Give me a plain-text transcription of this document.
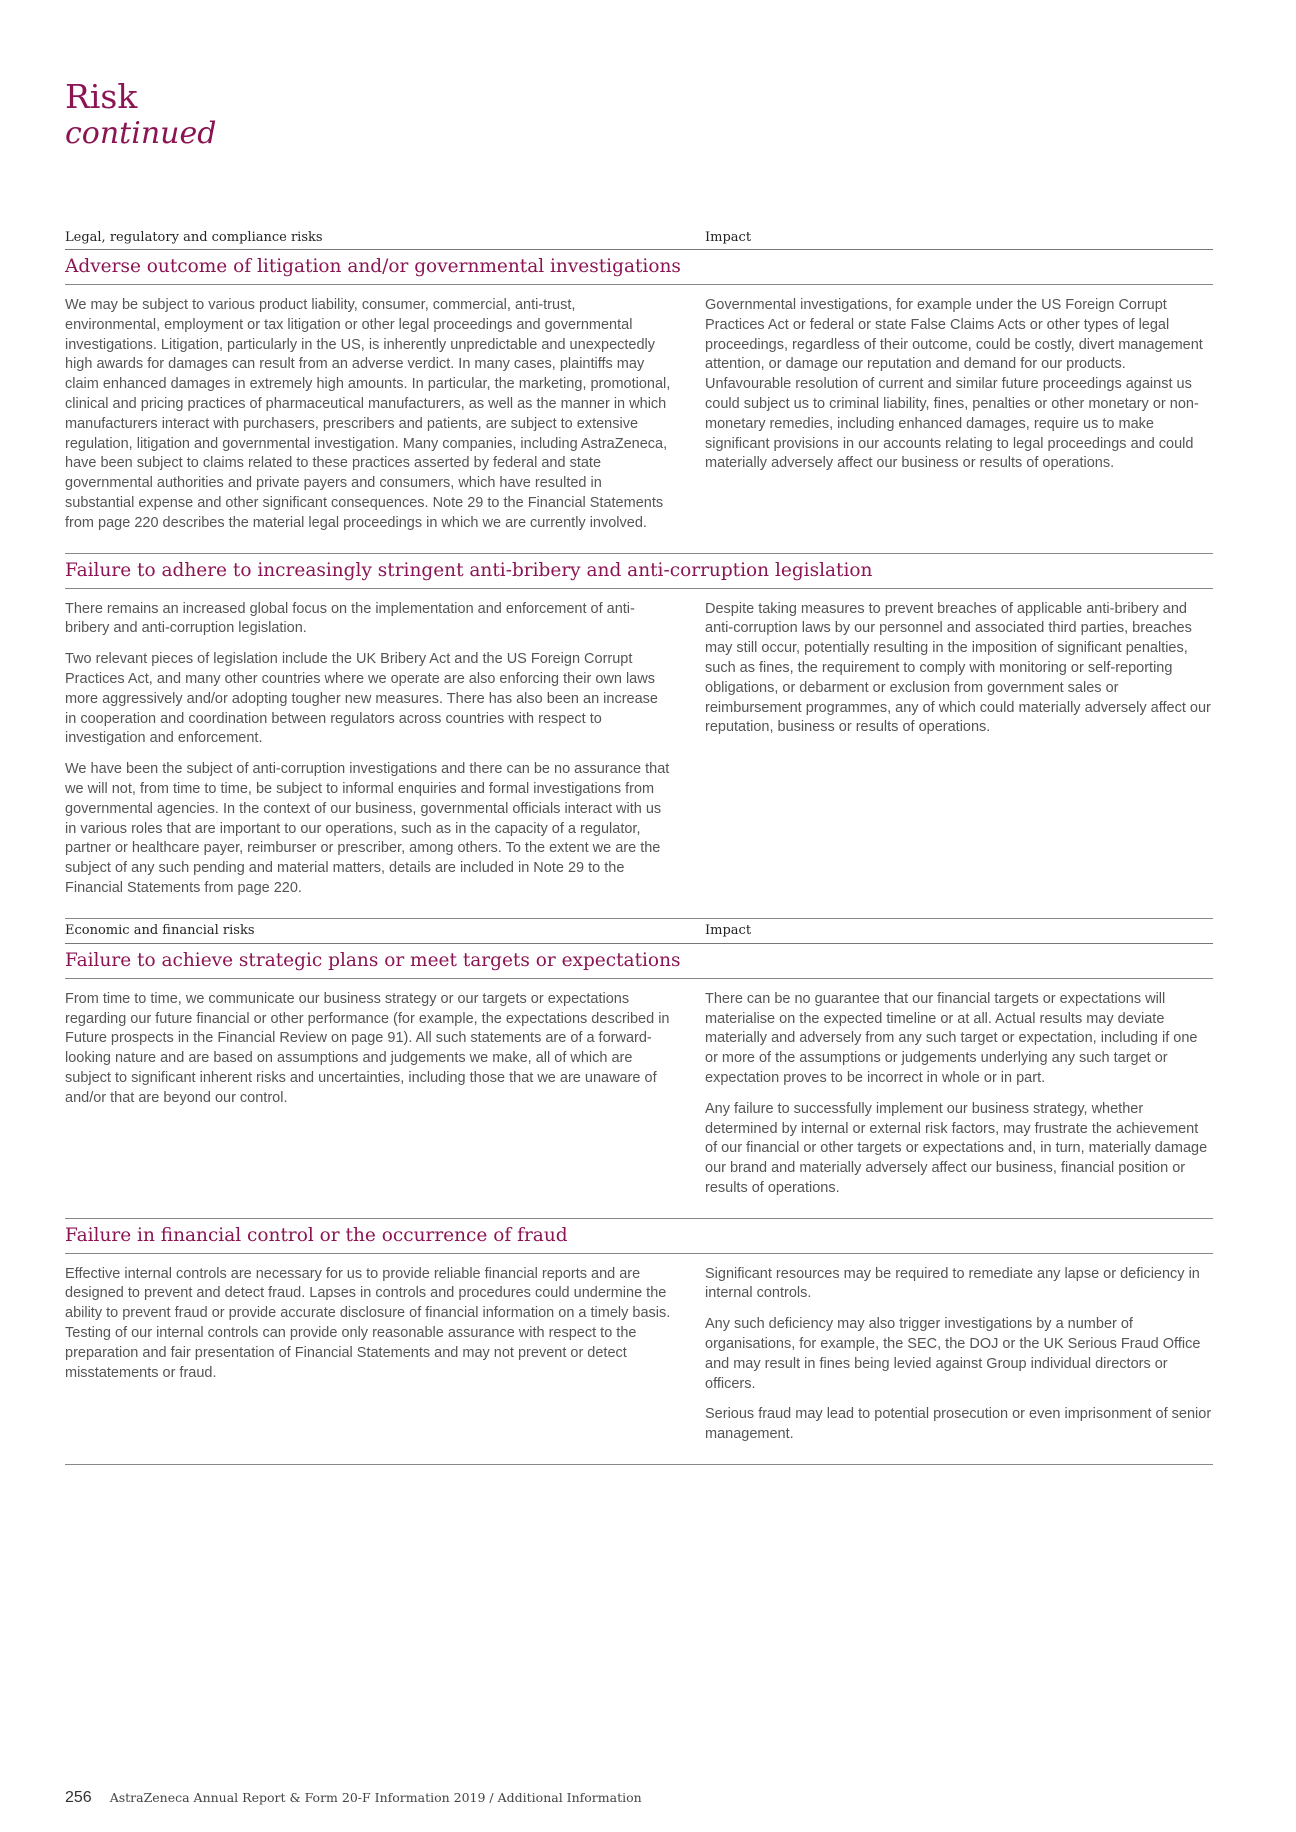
Risk
continued
Legal, regulatory and compliance risks	Impact
Adverse outcome of litigation and/or governmental investigations

We may be subject to various product liability, consumer, commercial, anti-trust, environmental, employment or tax litigation or other legal proceedings and governmental investigations. Litigation, particularly in the US, is inherently unpredictable and unexpectedly high awards for damages can result from an adverse verdict. In many cases, plaintiffs may claim enhanced damages in extremely high amounts. In particular, the marketing, promotional, clinical and pricing practices of pharmaceutical manufacturers, as well as the manner in which manufacturers interact with purchasers, prescribers and patients, are subject to extensive regulation, litigation and governmental investigation. Many companies, including AstraZeneca, have been subject to claims related to these practices asserted by federal and state governmental authorities and private payers and consumers, which have resulted in substantial expense and other significant consequences. Note 29 to the Financial Statements from page 220 describes the material legal proceedings in which we are currently involved.

Governmental investigations, for example under the US Foreign Corrupt Practices Act or federal or state False Claims Acts or other types of legal proceedings, regardless of their outcome, could be costly, divert management attention, or damage our reputation and demand for our products. Unfavourable resolution of current and similar future proceedings against us could subject us to criminal liability, fines, penalties or other monetary or non-monetary remedies, including enhanced damages, require us to make significant provisions in our accounts relating to legal proceedings and could materially adversely affect our business or results of operations.

Failure to adhere to increasingly stringent anti-bribery and anti-corruption legislation

There remains an increased global focus on the implementation and enforcement of anti-bribery and anti-corruption legislation.

Two relevant pieces of legislation include the UK Bribery Act and the US Foreign Corrupt Practices Act, and many other countries where we operate are also enforcing their own laws more aggressively and/or adopting tougher new measures. There has also been an increase in cooperation and coordination between regulators across countries with respect to investigation and enforcement.

We have been the subject of anti-corruption investigations and there can be no assurance that we will not, from time to time, be subject to informal enquiries and formal investigations from governmental agencies. In the context of our business, governmental officials interact with us in various roles that are important to our operations, such as in the capacity of a regulator, partner or healthcare payer, reimburser or prescriber, among others. To the extent we are the subject of any such pending and material matters, details are included in Note 29 to the Financial Statements from page 220.

Despite taking measures to prevent breaches of applicable anti-bribery and anti-corruption laws by our personnel and associated third parties, breaches may still occur, potentially resulting in the imposition of significant penalties, such as fines, the requirement to comply with monitoring or self-reporting obligations, or debarment or exclusion from government sales or reimbursement programmes, any of which could materially adversely affect our reputation, business or results of operations.

Economic and financial risks	Impact
Failure to achieve strategic plans or meet targets or expectations

From time to time, we communicate our business strategy or our targets or expectations regarding our future financial or other performance (for example, the expectations described in Future prospects in the Financial Review on page 91). All such statements are of a forward-looking nature and are based on assumptions and judgements we make, all of which are subject to significant inherent risks and uncertainties, including those that we are unaware of and/or that are beyond our control.

There can be no guarantee that our financial targets or expectations will materialise on the expected timeline or at all. Actual results may deviate materially and adversely from any such target or expectation, including if one or more of the assumptions or judgements underlying any such target or expectation proves to be incorrect in whole or in part.

Any failure to successfully implement our business strategy, whether determined by internal or external risk factors, may frustrate the achievement of our financial or other targets or expectations and, in turn, materially damage our brand and materially adversely affect our business, financial position or results of operations.

Failure in financial control or the occurrence of fraud

Effective internal controls are necessary for us to provide reliable financial reports and are designed to prevent and detect fraud. Lapses in controls and procedures could undermine the ability to prevent fraud or provide accurate disclosure of financial information on a timely basis. Testing of our internal controls can provide only reasonable assurance with respect to the preparation and fair presentation of Financial Statements and may not prevent or detect misstatements or fraud.

Significant resources may be required to remediate any lapse or deficiency in internal controls.

Any such deficiency may also trigger investigations by a number of organisations, for example, the SEC, the DOJ or the UK Serious Fraud Office and may result in fines being levied against Group individual directors or officers.

Serious fraud may lead to potential prosecution or even imprisonment of senior management.

256 AstraZeneca Annual Report & Form 20-F Information 2019 / Additional Information
